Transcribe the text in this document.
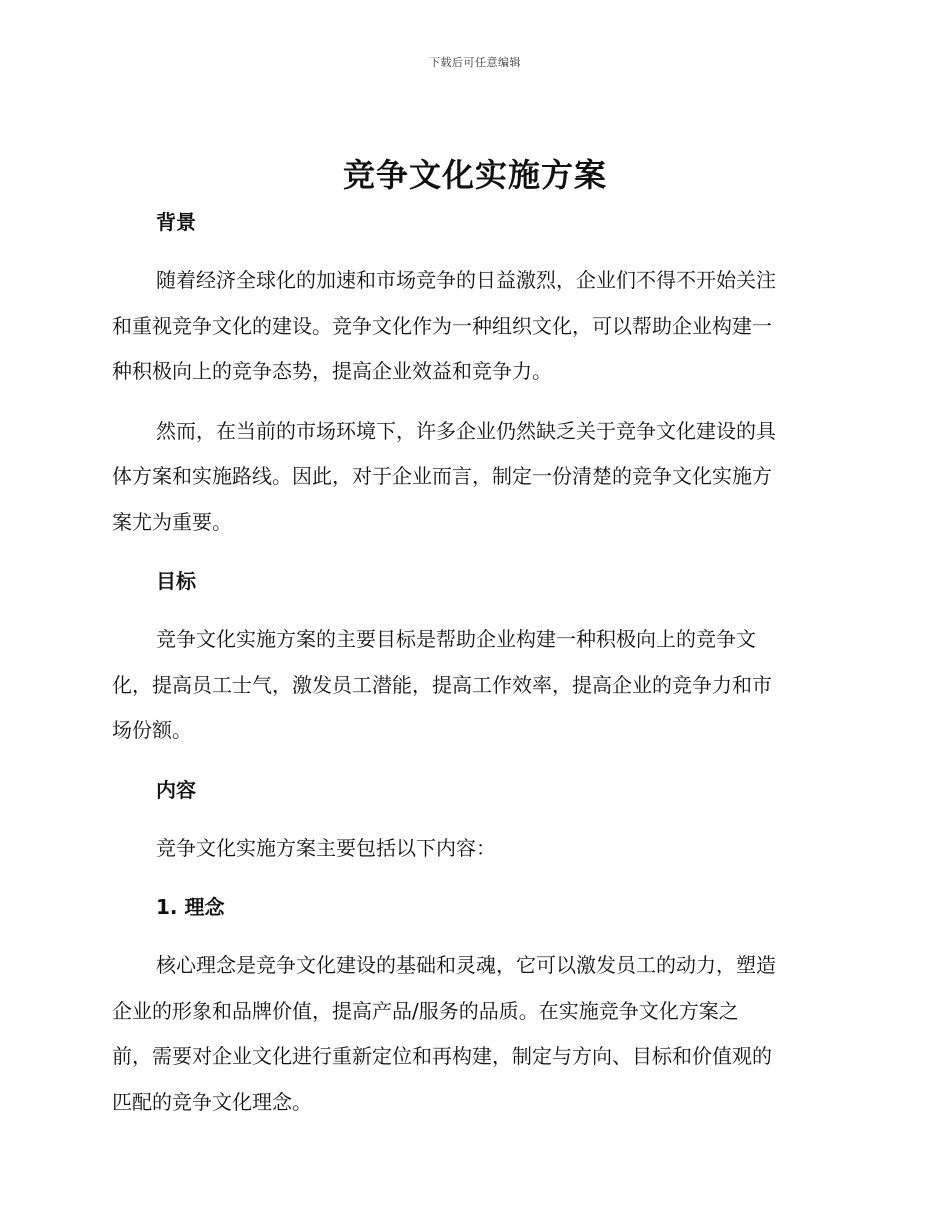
下载后可任意编辑
竞争文化实施方案

背景

随着经济全球化的加速和市场竞争的日益激烈，企业们不得不开始关注

和重视竞争文化的建设。竞争文化作为一种组织文化，可以帮助企业构建一

种积极向上的竞争态势，提高企业效益和竞争力。

然而，在当前的市场环境下，许多企业仍然缺乏关于竞争文化建设的具

体方案和实施路线。因此，对于企业而言，制定一份清楚的竞争文化实施方

案尤为重要。

目标

竞争文化实施方案的主要目标是帮助企业构建一种积极向上的竞争文

化，提高员工士气，激发员工潜能，提高工作效率，提高企业的竞争力和市

场份额。

内容

竞争文化实施方案主要包括以下内容：

1. 理念

核心理念是竞争文化建设的基础和灵魂，它可以激发员工的动力，塑造

企业的形象和品牌价值，提高产品/服务的品质。在实施竞争文化方案之

前，需要对企业文化进行重新定位和再构建，制定与方向、目标和价值观的

匹配的竞争文化理念。
